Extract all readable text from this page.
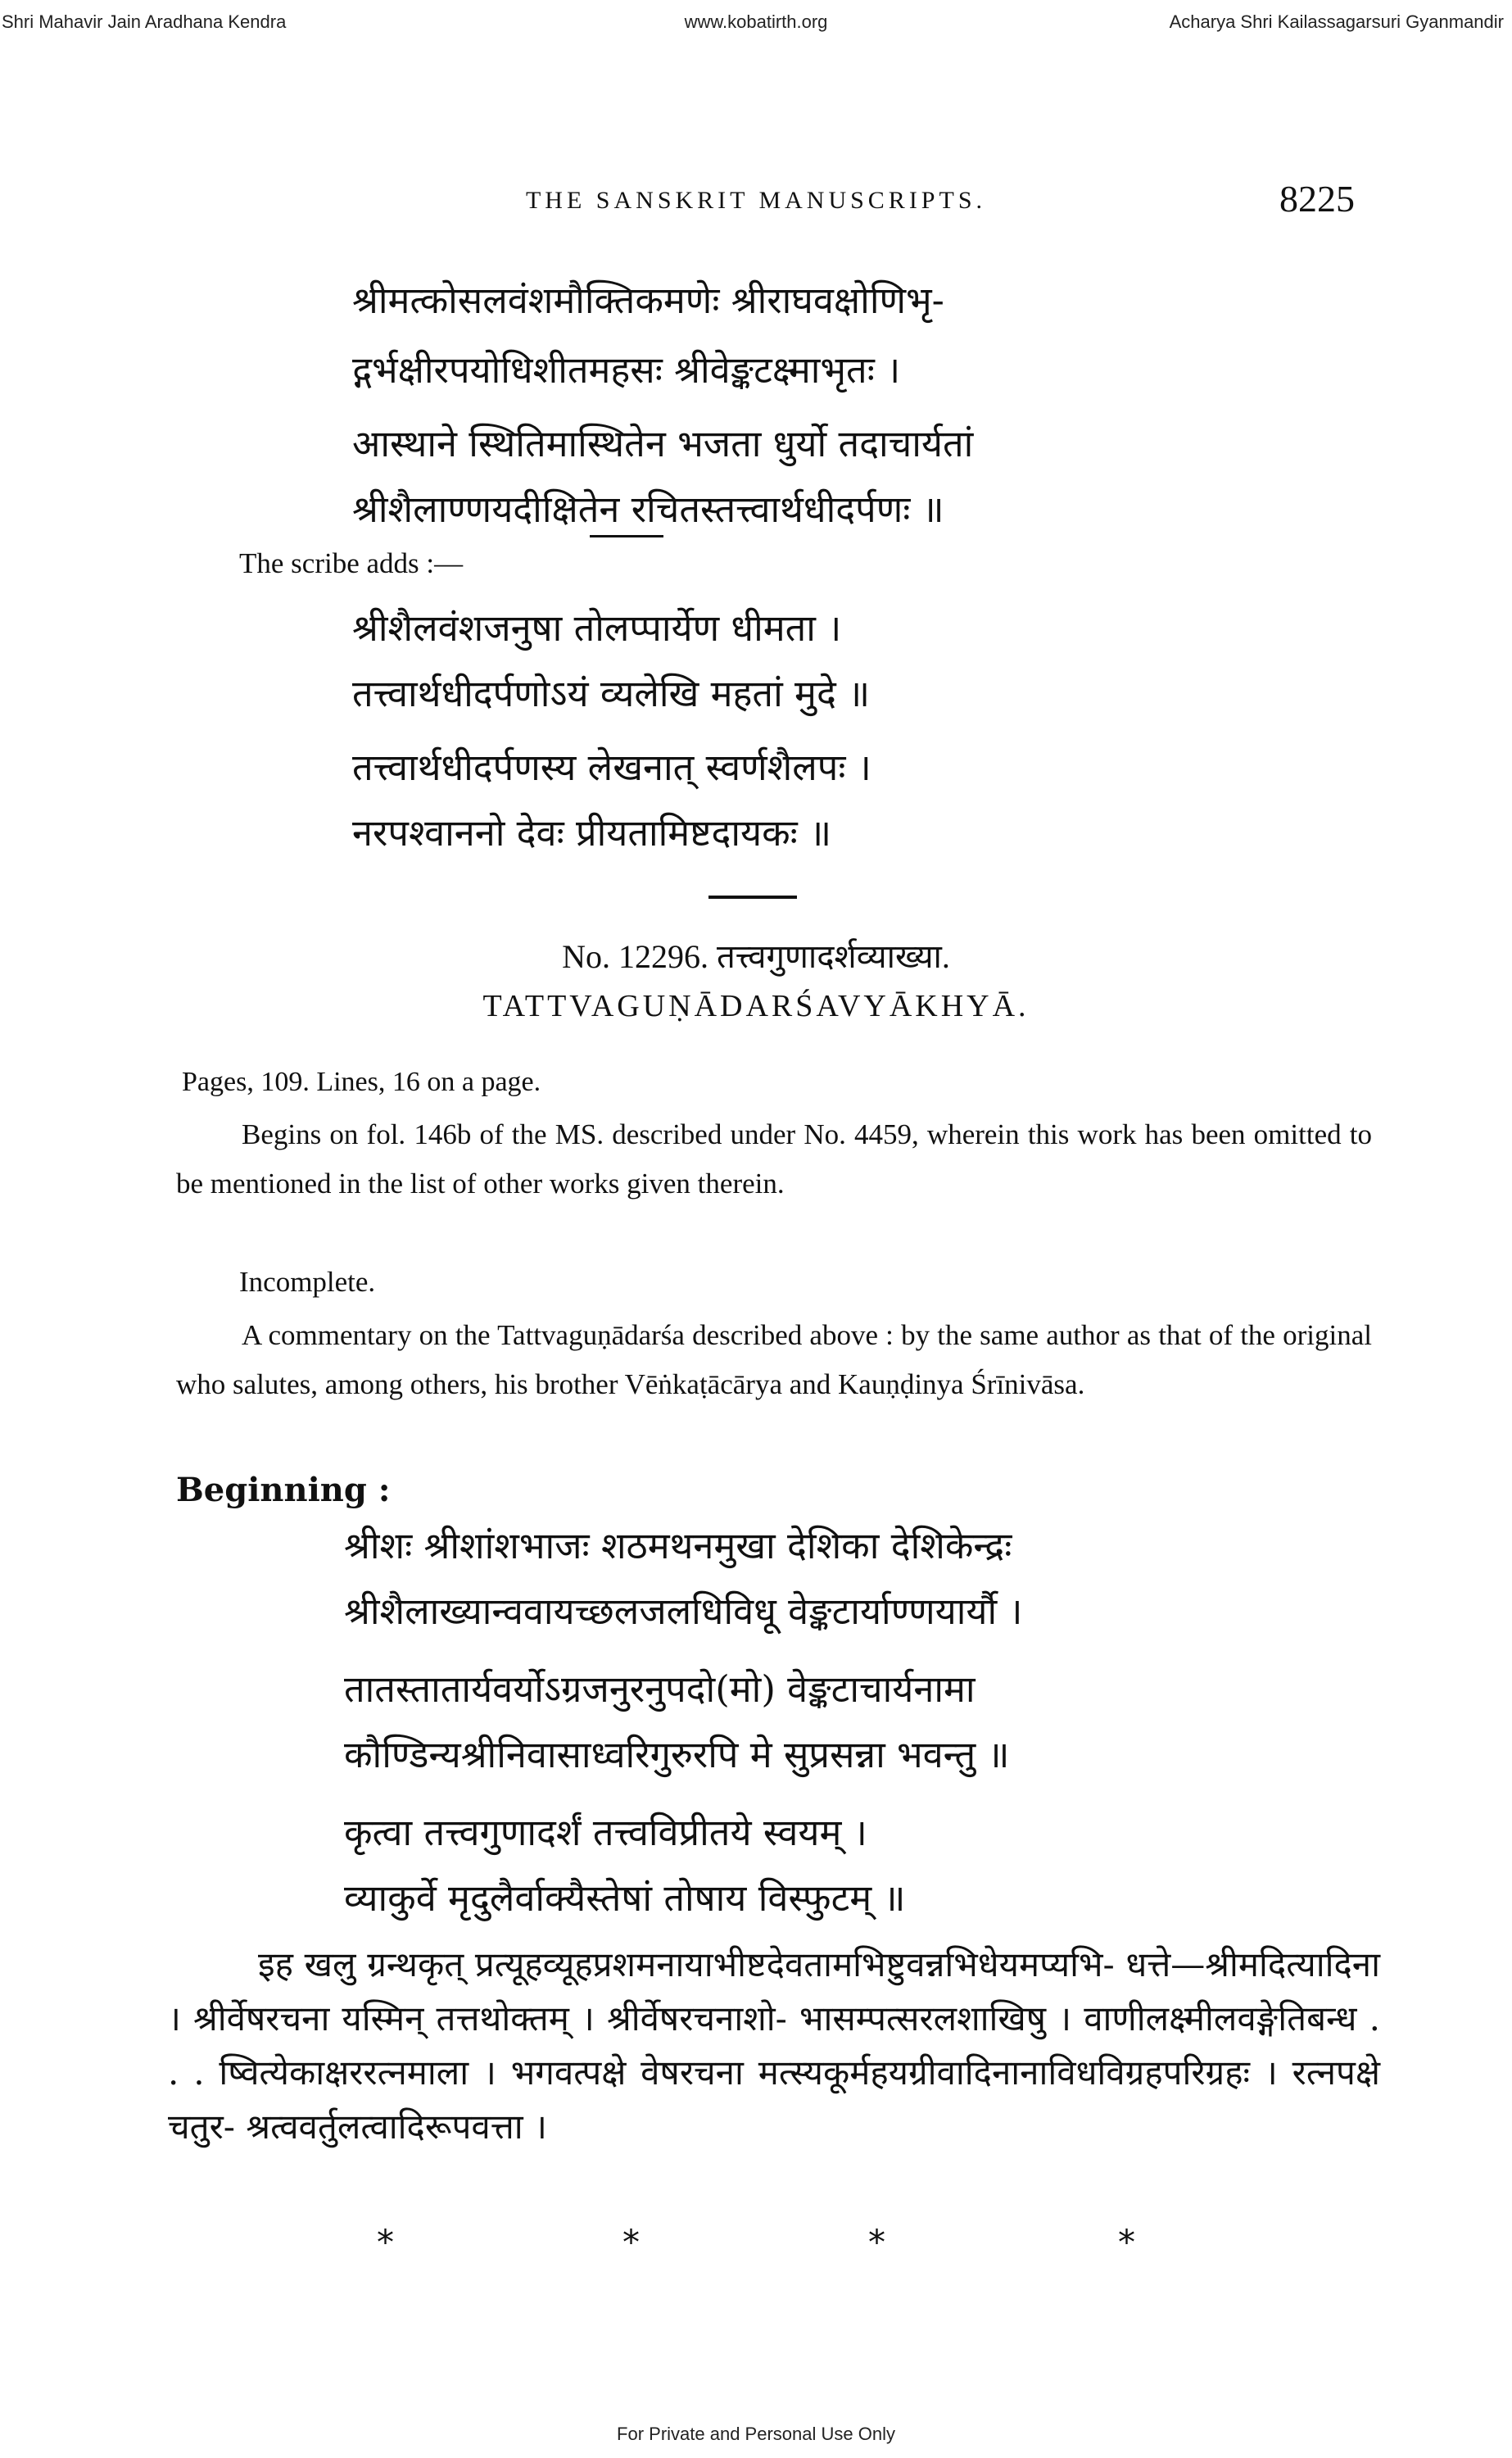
Shri Mahavir Jain Aradhana Kendra	www.kobatirth.org	Acharya Shri Kailassagarsuri Gyanmandir
THE SANSKRIT MANUSCRIPTS.	8225
श्रीमत्कोसलवंशमौक्तिकमणेः श्रीराघवक्षोणिभृ-
द्गर्भक्षीरपयोधिशीतमहसः श्रीवेङ्कटक्ष्माभृतः ।
आस्थाने स्थितिमास्थितेन भजता धुर्यो तदाचार्यतां
श्रीशैलाण्णयदीक्षितेन रचितस्तत्त्वार्थधीदर्पणः ॥
The scribe adds :—
श्रीशैलवंशजनुषा तोलप्पार्येण धीमता ।
तत्त्वार्थधीदर्पणोऽयं व्यलेखि महतां मुदे ॥
तत्त्वार्थधीदर्पणस्य लेखनात् स्वर्णशैलपः ।
नरपश्वाननो देवः प्रीयतामिष्टदायकः ॥
No. 12296. तत्त्वगुणादर्शव्याख्या.
TATTVAGUṆĀDARŚAVYĀKHYĀ.
Pages, 109. Lines, 16 on a page.
Begins on fol. 146b of the MS. described under No. 4459, wherein this work has been omitted to be mentioned in the list of other works given therein.
Incomplete.
A commentary on the Tattvaguṇādarśa described above : by the same author as that of the original who salutes, among others, his brother Vēṅkaṭācārya and Kauṇḍinya Śrīnivāsa.
Beginning :
श्रीशः श्रीशांशभाजः शठमथनमुखा देशिका देशिकेन्द्रः
श्रीशैलाख्यान्ववायच्छलजलधिविधू वेङ्कटार्याण्णयार्यौ ।
तातस्तातार्यवर्योऽग्रजनुरनुपदो(मो) वेङ्कटाचार्यनामा
कौण्डिन्यश्रीनिवासाध्वरिगुरुरपि मे सुप्रसन्ना भवन्तु ॥
कृत्वा तत्त्वगुणादर्शं तत्त्वविप्रीतये स्वयम् ।
व्याकुर्वे मृदुलैर्वाक्यैस्तेषां तोषाय विस्फुटम् ॥
इह खलु ग्रन्थकृत् प्रत्यूहव्यूहप्रशमनायाभीष्टदेवतामभिष्टुवन्नभिधेयमप्यभि- धत्ते—श्रीमदित्यादिना । श्रीर्वेषरचना यस्मिन् तत्तथोक्तम् । श्रीर्वेषरचनाशो- भासम्पत्सरलशाखिषु । वाणीलक्ष्मीलवङ्गेतिबन्ध . . . ष्वित्येकाक्षररत्नमाला । भगवत्पक्षे वेषरचना मत्स्यकूर्महयग्रीवादिनानाविधविग्रहपरिग्रहः । रत्नपक्षे चतुर- श्रत्ववर्तुलत्वादिरूपवत्ता ।
*	*	*	*
For Private and Personal Use Only
